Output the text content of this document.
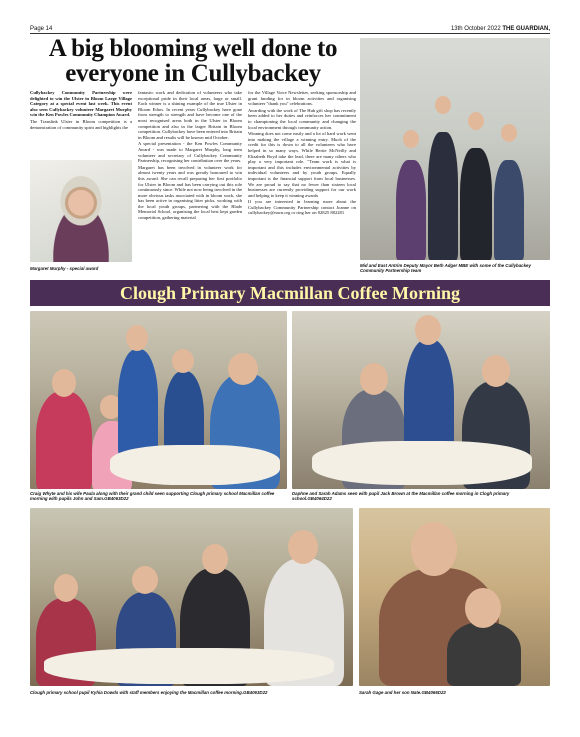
Page 14	13th October 2022 THE GUARDIAN,
A big blooming well done to everyone in Cullybackey

Cullybackey Community Partnership were delighted to win the Ulster in Bloom Large Village Category at a special event last week. This event also seen Cullybackey volunteer Margaret Murphy win the Ken Powles Community Champion Award.

The Translink Ulster in Bloom competition is a demonstration of community spirit and highlights the

Margaret Murphy - special award

fantastic work and dedication of volunteers who take exceptional pride in their local areas, large or small. Each winner is a shining example of the true Ulster in Bloom Ethos. In recent years Cullybackey have gone from strength to strength and have become one of the most recognised areas both in the Ulster in Bloom competition and also in the larger Britain in Bloom competition. Cullybackey have been entered into Britain in Bloom and results will be known mid October.

A special presentation - the Ken Powles Community Award - was made to Margaret Murphy, long term volunteer and secretary of Cullybackey Community Partnership, recognising her contribution over the years.

Margaret has been involved in volunteer work for almost twenty years and was greatly honoured to win this award. She can recall preparing her first portfolio for Ulster in Bloom and has been carrying out this role continuously since. While not now being involved in the more obvious tasks associated with in bloom work, she has been active in organising litter picks, working with the local youth groups, partnering with the Blade Memorial School, organising the local best kept garden competition, gathering material

for the Village Voice Newsletter, seeking sponsorship and grant funding for in bloom activities and organising volunteer "thank you" celebrations.

Awarding with the work of The Hub gift shop has recently been added to her duties and reinforces her commitment to championing the local community and changing the local environment through community action.

Winning does not come easily and a lot of hard work went into making the village a winning entry. Much of the credit for this is down to all the volunteers who have helped in so many ways. While Bertie McNeilly and Elizabeth Boyd take the lead, there are many others who play a very important role. "Team work is what is important and this includes environmental activities by individual volunteers and by youth groups. Equally important is the financial support from local businesses. We are proud to say that no fewer than sixteen local businesses are currently providing support for our work and helping to keep it winning awards

If you are interested in learning more about the Cullybackey Community Partnership contact Joanne on cullybackey@nacn.org or ring her on 02825 882281

Mid and East Antrim Deputy Mayor Beth Adger MBE with some of the Cullybackey Community Partnership team
Clough Primary Macmillan Coffee Morning
Craig Whyte and his wife Paula along with their grand child seen supporting Clough primary school Macmillan coffee morning with pupils John and Sam.GB4063D22
Daphne and Sarah Adams seen with pupil Jack Brown at the Macmillan coffee morning in Clogh primary school.GB4064D22
Clough primary school pupil Kyhia Dowds with staff members enjoying the Macmillan coffee morning.GB4063D22	Sarah Gage and her son Nate.GB4066D22
